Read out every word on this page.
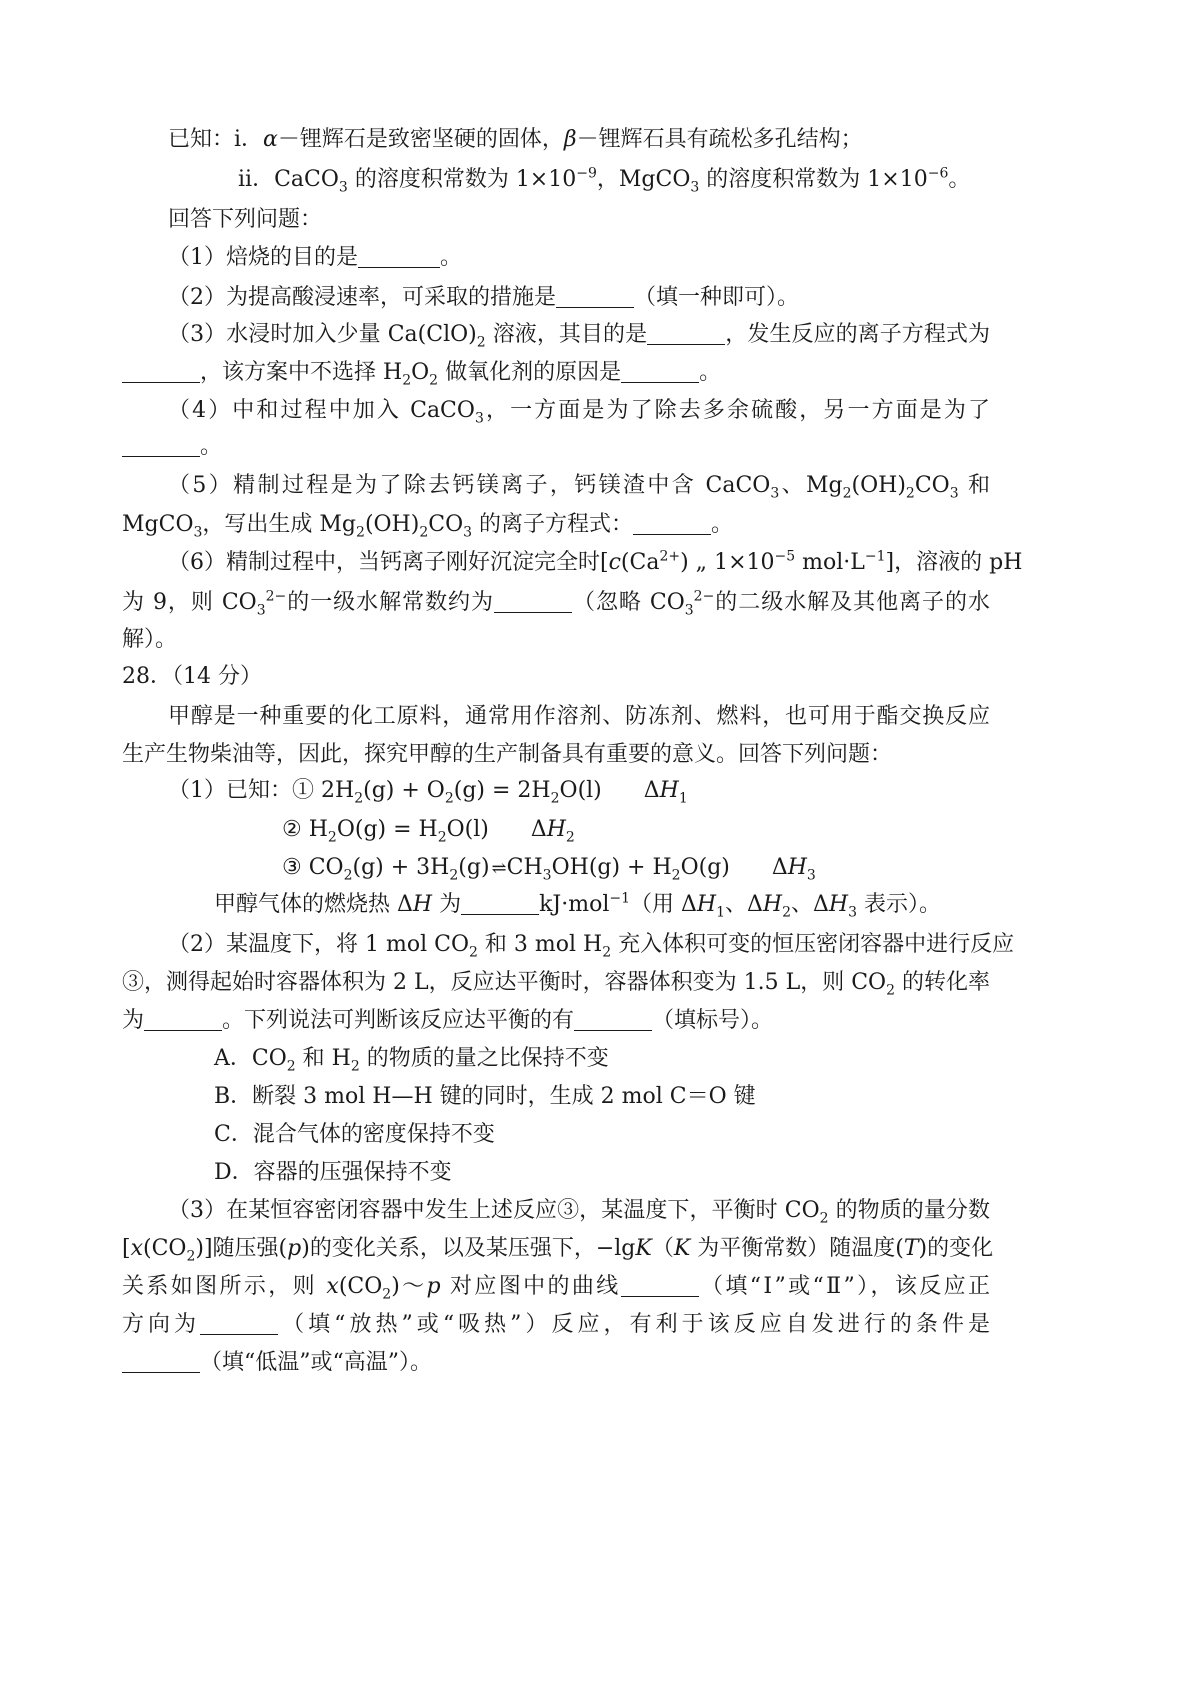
已知：ⅰ．α－锂辉石是致密坚硬的固体，β－锂辉石具有疏松多孔结构；
ⅱ．CaCO$_3$ 的溶度积常数为 $1\times 10^{-9}$，MgCO$_3$ 的溶度积常数为 $1\times 10^{-6}$。
回答下列问题：
（1）焙烧的目的是	。
（2）为提高酸浸速率，可采取的措施是	（填一种即可）。
（3）水浸时加入少量 $Ca(ClO)_2$ 溶液，其目的是	，发生反应的离子方程式为
，该方案中不选择 $H_2O_2$ 做氧化剂的原因是	。
（4）中和过程中加入 CaCO$_3$，一方面是为了除去多余硫酸，另一方面是为了
。
（5）精制过程是为了除去钙镁离子，钙镁渣中含 CaCO$_3$、$Mg_2(OH)_2CO_3$ 和
MgCO$_3$，写出生成 $Mg_2(OH)_2CO_3$ 的离子方程式：	。
（6）精制过程中，当钙离子刚好沉淀完全时[$c(Ca^{2+})$ „ $1\times 10^{-5}$ $mol\cdot L^{-1}$]，溶液的 pH
为 9，则 $CO_3^{2-}$的一级水解常数约为	（忽略 $CO_3^{2-}$的二级水解及其他离子的水
解）。
28．（14 分）
甲醇是一种重要的化工原料，通常用作溶剂、防冻剂、燃料，也可用于酯交换反应
生产生物柴油等，因此，探究甲醇的生产制备具有重要的意义。回答下列问题：
（1）已知：① $2H_2(g) + O_2(g) = 2H_2O(l)$      $\Delta H_1$
② $H_2O(g) = H_2O(l)$      $\Delta H_2$
③ $CO_2(g) + 3H_2(g)$ $\rightleftharpoons CH_3OH(g) + H_2O(g)$      $\Delta H_3$
甲醇气体的燃烧热 ΔH 为	kJ·mol$^{-1}$（用 $\Delta H_1$、$\Delta H_2$、$\Delta H_3$ 表示）。
（2）某温度下，将 1 mol $CO_2$ 和 3 mol $H_2$ 充入体积可变的恒压密闭容器中进行反应
③，测得起始时容器体积为 2 L，反应达平衡时，容器体积变为 1.5 L，则 $CO_2$ 的转化率
为	。下列说法可判断该反应达平衡的有	（填标号）。
A．$CO_2$ 和 $H_2$ 的物质的量之比保持不变
B．断裂 3 mol H—H 键的同时，生成 2 mol C＝O 键
C．混合气体的密度保持不变
D．容器的压强保持不变
（3）在某恒容密闭容器中发生上述反应③，某温度下，平衡时 $CO_2$ 的物质的量分数
$[x(CO_2)]$随压强(p)的变化关系，以及某压强下，−lgK（K 为平衡常数）随温度(T)的变化
关系如图所示，则 $x(CO_2)\sim p$ 对应图中的曲线	（填“Ⅰ”或“Ⅱ”），该反应正
方向为	（填“放热”或“吸热”）反应，有利于该反应自发进行的条件是
（填“低温”或“高温”）。
